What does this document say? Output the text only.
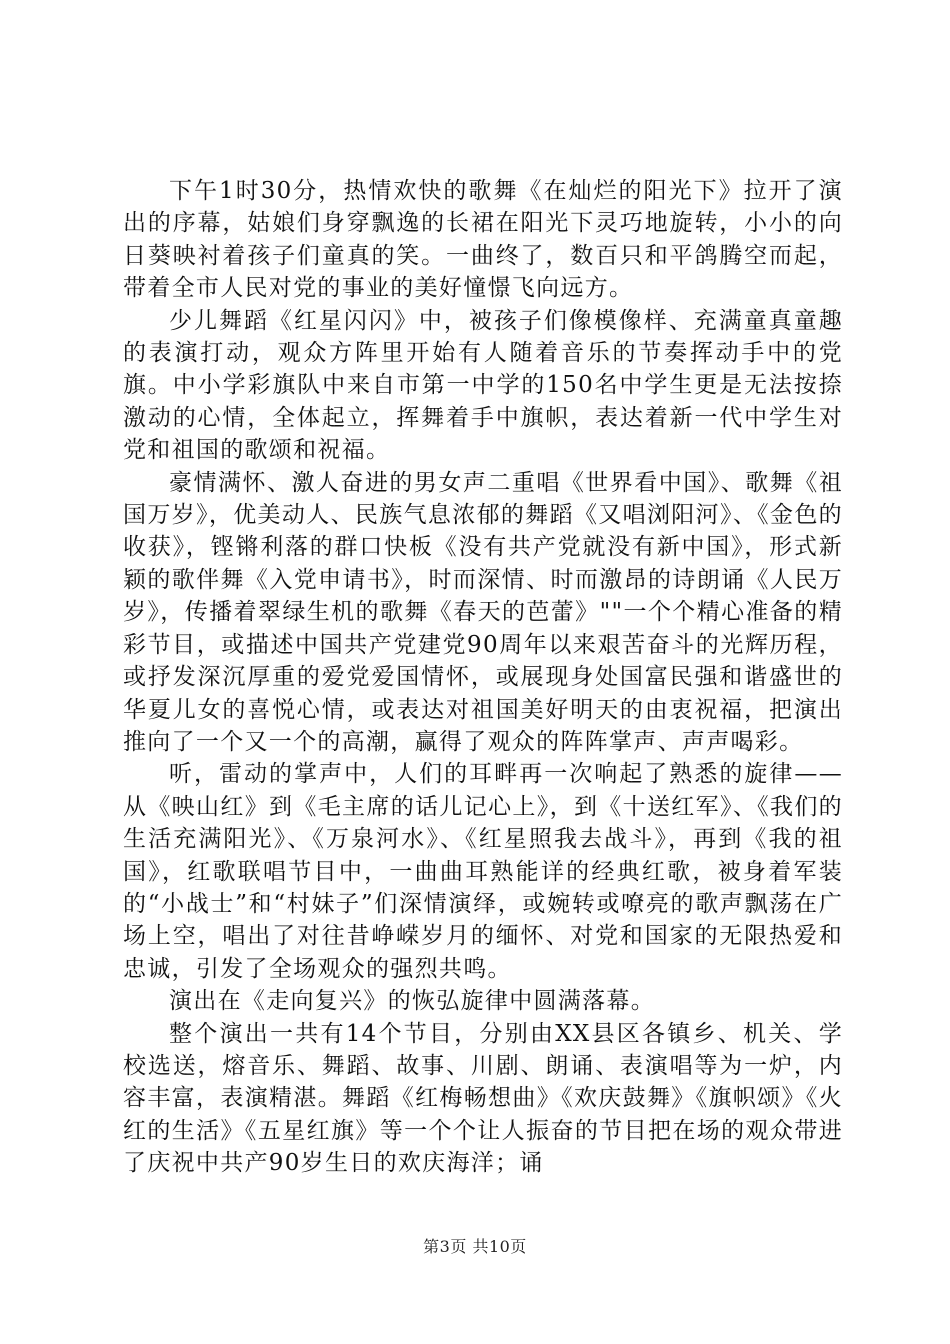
下午1时30分，热情欢快的歌舞《在灿烂的阳光下》拉开了演出的序幕，姑娘们身穿飘逸的长裙在阳光下灵巧地旋转，小小的向日葵映衬着孩子们童真的笑。一曲终了，数百只和平鸽腾空而起，带着全市人民对党的事业的美好憧憬飞向远方。

少儿舞蹈《红星闪闪》中，被孩子们像模像样、充满童真童趣的表演打动，观众方阵里开始有人随着音乐的节奏挥动手中的党旗。中小学彩旗队中来自市第一中学的150名中学生更是无法按捺激动的心情，全体起立，挥舞着手中旗帜，表达着新一代中学生对党和祖国的歌颂和祝福。

豪情满怀、激人奋进的男女声二重唱《世界看中国》、歌舞《祖国万岁》，优美动人、民族气息浓郁的舞蹈《又唱浏阳河》、《金色的收获》，铿锵利落的群口快板《没有共产党就没有新中国》，形式新颖的歌伴舞《入党申请书》，时而深情、时而激昂的诗朗诵《人民万岁》，传播着翠绿生机的歌舞《春天的芭蕾》""一个个精心准备的精彩节目，或描述中国共产党建党90周年以来艰苦奋斗的光辉历程，或抒发深沉厚重的爱党爱国情怀，或展现身处国富民强和谐盛世的华夏儿女的喜悦心情，或表达对祖国美好明天的由衷祝福，把演出推向了一个又一个的高潮，赢得了观众的阵阵掌声、声声喝彩。

听，雷动的掌声中，人们的耳畔再一次响起了熟悉的旋律——从《映山红》到《毛主席的话儿记心上》，到《十送红军》、《我们的生活充满阳光》、《万泉河水》、《红星照我去战斗》，再到《我的祖国》，红歌联唱节目中，一曲曲耳熟能详的经典红歌，被身着军装的“小战士”和“村妹子”们深情演绎，或婉转或嘹亮的歌声飘荡在广场上空，唱出了对往昔峥嵘岁月的缅怀、对党和国家的无限热爱和忠诚，引发了全场观众的强烈共鸣。

演出在《走向复兴》的恢弘旋律中圆满落幕。

整个演出一共有14个节目，分别由XX县区各镇乡、机关、学校选送，熔音乐、舞蹈、故事、川剧、朗诵、表演唱等为一炉，内容丰富，表演精湛。舞蹈《红梅畅想曲》《欢庆鼓舞》《旗帜颂》《火红的生活》《五星红旗》等一个个让人振奋的节目把在场的观众带进了庆祝中共产90岁生日的欢庆海洋；诵

第3页 共10页
